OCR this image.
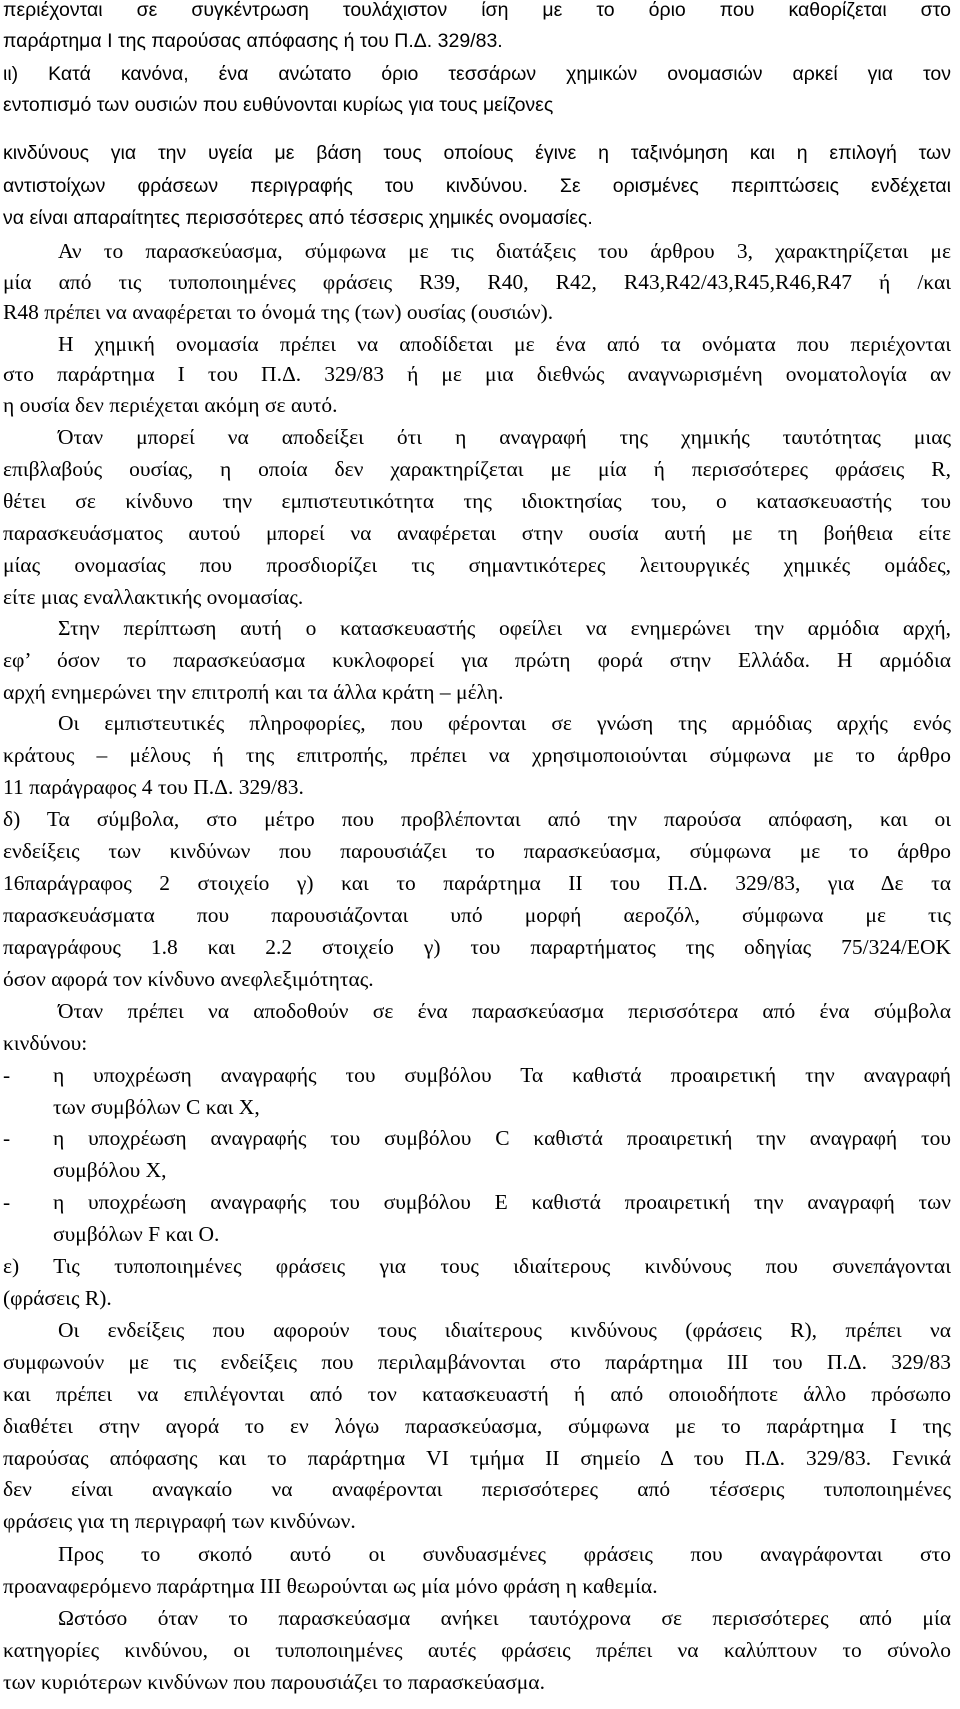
περιέχονται σε συγκέντρωση τουλάχιστον ίση με το όριο που καθορίζεται στο
παράρτημα I της παρούσας απόφασης ή του Π.Δ. 329/83.
ιι) Κατά κανόνα, ένα ανώτατο όριο τεσσάρων χημικών ονομασιών αρκεί για τον
εντοπισμό των ουσιών που ευθύνονται κυρίως για τους μείζονες
κινδύνους για την υγεία με βάση τους οποίους έγινε η ταξινόμηση και η επιλογή των
αντιστοίχων φράσεων περιγραφής του κινδύνου. Σε ορισμένες περιπτώσεις ενδέχεται
να είναι απαραίτητες περισσότερες από τέσσερις χημικές ονομασίες.
Αν το παρασκεύασμα, σύμφωνα με τις διατάξεις του άρθρου 3, χαρακτηρίζεται με
μία από τις τυποποιημένες φράσεις R39, R40, R42, R43,R42/43,R45,R46,R47 ή /και
R48 πρέπει να αναφέρεται το όνομά της (των) ουσίας (ουσιών).
Η χημική ονομασία πρέπει να αποδίδεται με ένα από τα ονόματα που περιέχονται
στο παράρτημα Ι του Π.Δ. 329/83 ή με μια διεθνώς αναγνωρισμένη ονοματολογία αν
η ουσία δεν περιέχεται ακόμη σε αυτό.
Όταν μπορεί να αποδείξει ότι η αναγραφή της χημικής ταυτότητας μιας
επιβλαβούς ουσίας, η οποία δεν χαρακτηρίζεται με μία ή περισσότερες φράσεις R,
θέτει σε κίνδυνο την εμπιστευτικότητα της ιδιοκτησίας του, ο κατασκευαστής του
παρασκευάσματος αυτού μπορεί να αναφέρεται στην ουσία αυτή με τη βοήθεια είτε
μίας ονομασίας που προσδιορίζει τις σημαντικότερες λειτουργικές χημικές ομάδες,
είτε μιας εναλλακτικής ονομασίας.
Στην περίπτωση αυτή ο κατασκευαστής οφείλει να ενημερώνει την αρμόδια αρχή,
εφ’ όσον το παρασκεύασμα κυκλοφορεί για πρώτη φορά στην Ελλάδα. Η αρμόδια
αρχή ενημερώνει την επιτροπή και τα άλλα κράτη – μέλη.
Οι εμπιστευτικές πληροφορίες, που φέρονται σε γνώση της αρμόδιας αρχής ενός
κράτους – μέλους ή της επιτροπής, πρέπει να χρησιμοποιούνται σύμφωνα με το άρθρο
11 παράγραφος 4 του Π.Δ. 329/83.
δ) Τα σύμβολα, στο μέτρο που προβλέπονται από την παρούσα απόφαση, και οι
ενδείξεις των κινδύνων που παρουσιάζει το παρασκεύασμα, σύμφωνα με το άρθρο
16παράγραφος 2 στοιχείο γ) και το παράρτημα ΙΙ του Π.Δ. 329/83, για Δε τα
παρασκευάσματα που παρουσιάζονται υπό μορφή αεροζόλ, σύμφωνα με τις
παραγράφους 1.8 και 2.2 στοιχείο γ) του παραρτήματος της οδηγίας 75/324/ΕΟΚ
όσον αφορά τον κίνδυνο ανεφλεξιμότητας.
Όταν πρέπει να αποδοθούν σε ένα παρασκεύασμα περισσότερα από ένα σύμβολα
κινδύνου:
- η υποχρέωση αναγραφής του συμβόλου Τα καθιστά προαιρετική την αναγραφή
των συμβόλων C και X,
- η υποχρέωση αναγραφής του συμβόλου C καθιστά προαιρετική την αναγραφή του
συμβόλου X,
- η υποχρέωση αναγραφής του συμβόλου Ε καθιστά προαιρετική την αναγραφή των
συμβόλων F και Ο.
ε) Τις τυποποιημένες φράσεις για τους ιδιαίτερους κινδύνους που συνεπάγονται
(φράσεις R).
Οι ενδείξεις που αφορούν τους ιδιαίτερους κινδύνους (φράσεις R), πρέπει να
συμφωνούν με τις ενδείξεις που περιλαμβάνονται στο παράρτημα ΙΙΙ του Π.Δ. 329/83
και πρέπει να επιλέγονται από τον κατασκευαστή ή από οποιοδήποτε άλλο πρόσωπο
διαθέτει στην αγορά το εν λόγω παρασκεύασμα, σύμφωνα με το παράρτημα I της
παρούσας απόφασης και το παράρτημα VI τμήμα ΙΙ σημείο Δ του Π.Δ. 329/83. Γενικά
δεν είναι αναγκαίο να αναφέρονται περισσότερες από τέσσερις τυποποιημένες
φράσεις για τη περιγραφή των κινδύνων.
Προς το σκοπό αυτό οι συνδυασμένες φράσεις που αναγράφονται στο
προαναφερόμενο παράρτημα ΙΙΙ θεωρούνται ως μία μόνο φράση η καθεμία.
Ωστόσο όταν το παρασκεύασμα ανήκει ταυτόχρονα σε περισσότερες από μία
κατηγορίες κινδύνου, οι τυποποιημένες αυτές φράσεις πρέπει να καλύπτουν το σύνολο
των κυριότερων κινδύνων που παρουσιάζει το παρασκεύασμα.
